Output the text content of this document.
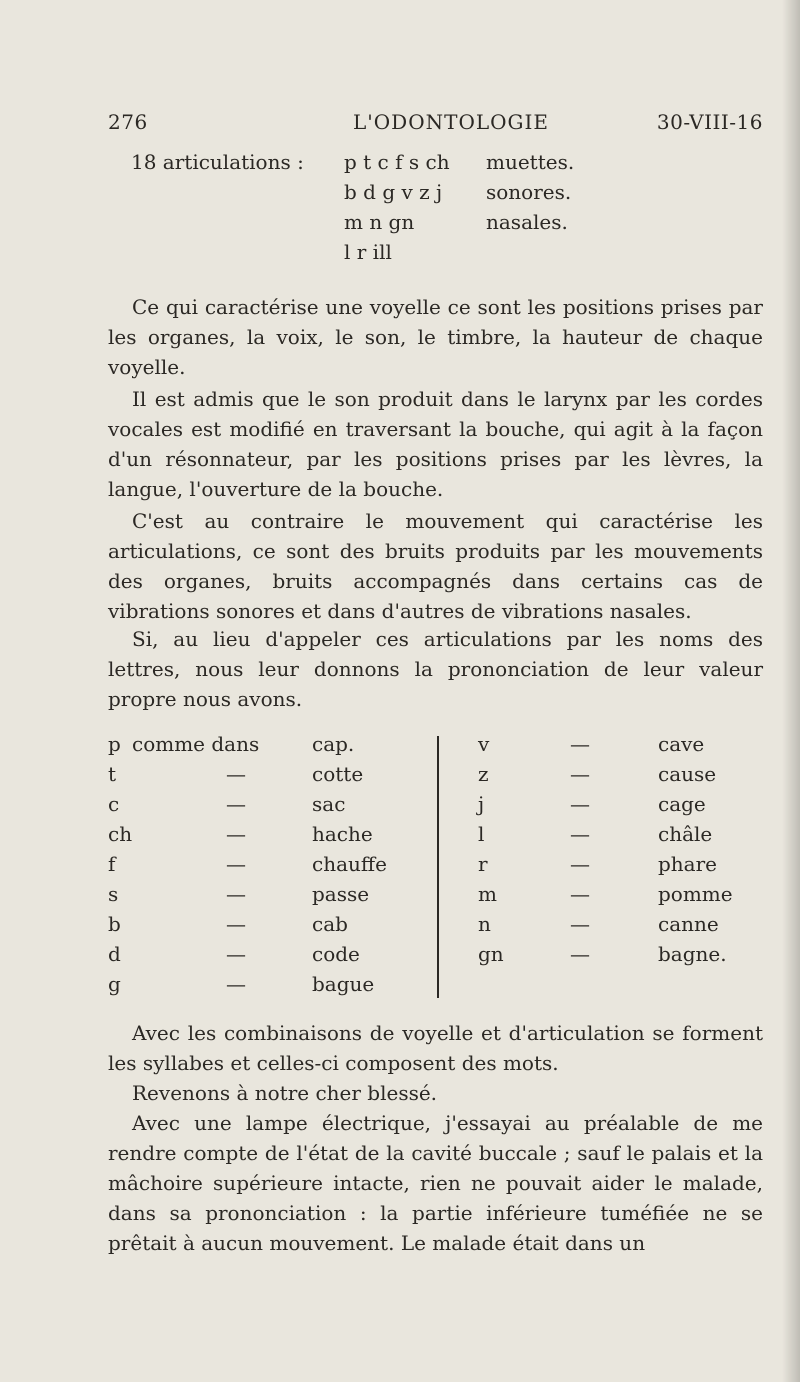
276	L'ODONTOLOGIE	30-VIII-16
18 articulations : p t c f s ch muettes.
b d g v z j sonores.
m n gn	nasales.
l r ill

Ce qui caractérise une voyelle ce sont les positions prises par les organes, la voix, le son, le timbre, la hauteur de chaque voyelle.

Il est admis que le son produit dans le larynx par les cordes vocales est modifié en traversant la bouche, qui agit à la façon d'un résonnateur, par les positions prises par les lèvres, la langue, l'ouverture de la bouche.

C'est au contraire le mouvement qui caractérise les articulations, ce sont des bruits produits par les mouvements des organes, bruits accompagnés dans certains cas de vibrations sonores et dans d'autres de vibrations nasales.

Si, au lieu d'appeler ces articulations par les noms des lettres, nous leur donnons la prononciation de leur valeur propre nous avons.

p comme dans	cap.
t	—	cotte
c	—	sac
ch	—	hache
f	—	chauffe
s	—	passe
b	—	cab
d	—	code
g	—	bague
v	—	cave
z	—	cause
j	—	cage
l	—	châle
r	—	phare
m	—	pomme
n	—	canne
gn	—	bagne.

Avec les combinaisons de voyelle et d'articulation se forment les syllabes et celles-ci composent des mots.

Revenons à notre cher blessé.

Avec une lampe électrique, j'essayai au préalable de me rendre compte de l'état de la cavité buccale ; sauf le palais et la mâchoire supérieure intacte, rien ne pouvait aider le malade, dans sa prononciation : la partie inférieure tuméfiée ne se prêtait à aucun mouvement. Le malade était dans un
